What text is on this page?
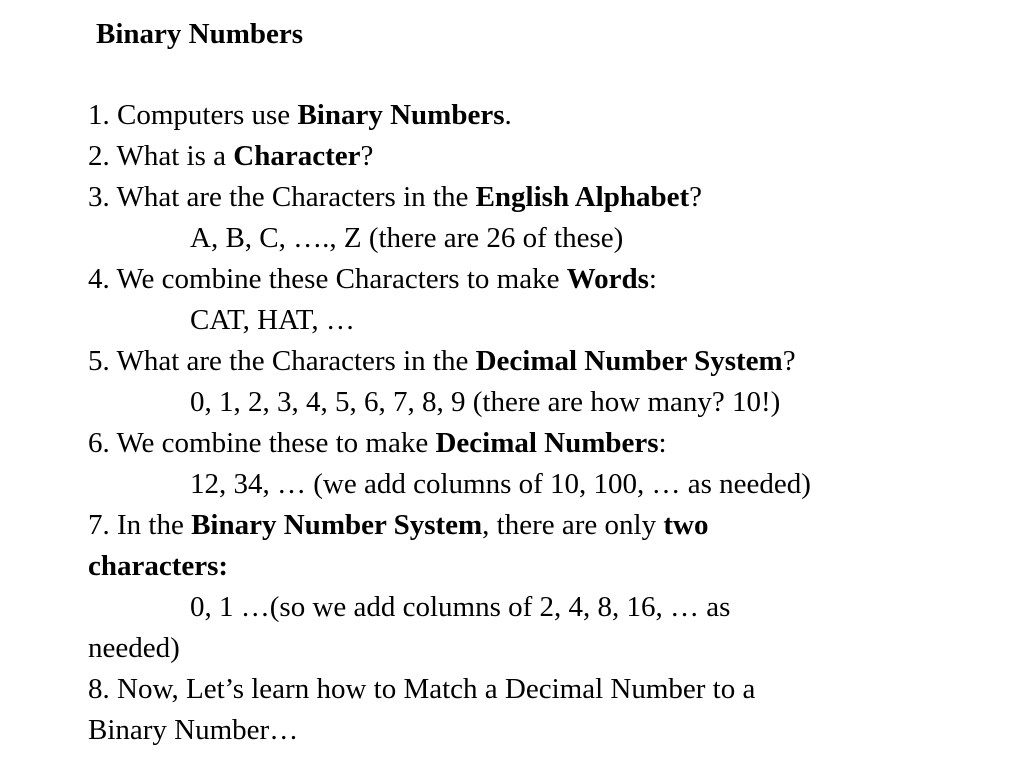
Binary Numbers
1. Computers use Binary Numbers.
2. What is a Character?
3. What are the Characters in the English Alphabet?
A, B, C, …., Z (there are 26 of these)
4. We combine these Characters to make Words:
CAT, HAT, …
5. What are the Characters in the Decimal Number System?
0, 1, 2, 3, 4, 5, 6, 7, 8, 9 (there are how many? 10!)
6. We combine these to make Decimal Numbers:
12, 34, … (we add columns of 10, 100, … as needed)
7. In the Binary Number System, there are only two
characters:
0, 1 …(so we add columns of 2, 4, 8, 16, … as
needed)
8. Now, Let’s learn how to Match a Decimal Number to a
Binary Number…
